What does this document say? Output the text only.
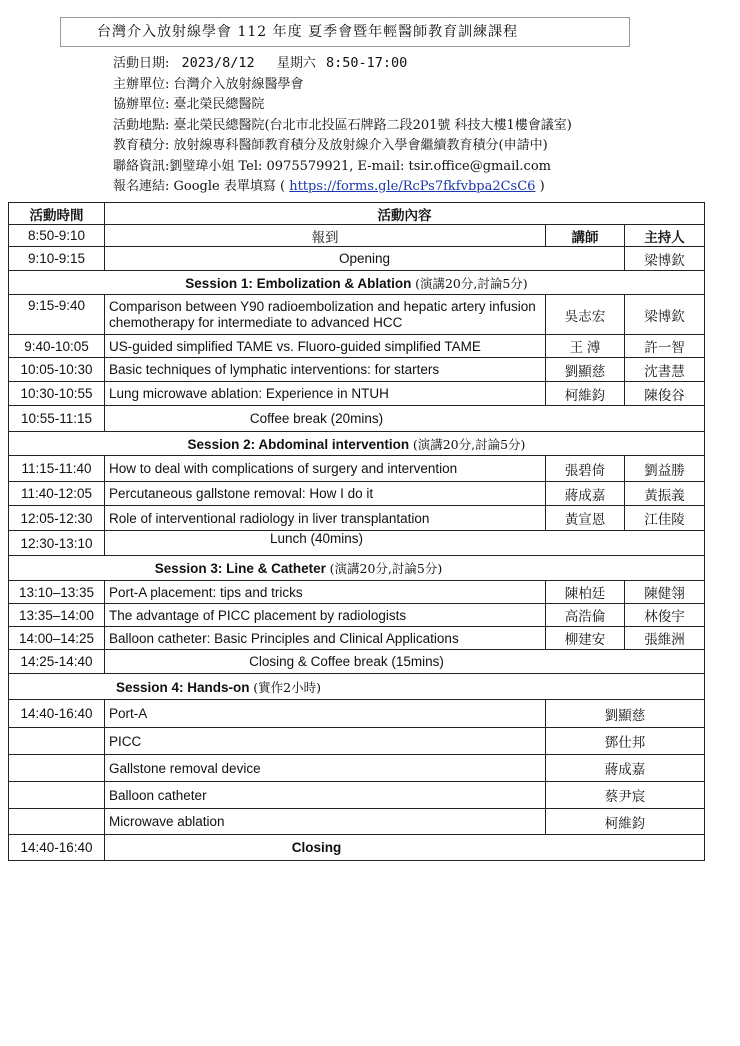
台灣介入放射線學會 112 年度 夏季會暨年輕醫師教育訓練課程
活動日期: 2023/8/12 星期六 8:50-17:00
主辦單位: 台灣介入放射線醫學會
協辦單位: 臺北榮民總醫院
活動地點: 臺北榮民總醫院(台北市北投區石牌路二段201號 科技大樓1樓會議室)
教育積分: 放射線專科醫師教育積分及放射線介入學會繼續教育積分(申請中)
聯絡資訊:劉璧瑋小姐 Tel: 0975579921, E-mail: tsir.office@gmail.com
報名連結: Google 表單填寫 ( https://forms.gle/RcPs7fkfvbpa2CsC6 )
活動時間	活動內容		
8:50-9:10	報到	講師	主持人
9:10-9:15	Opening		梁博欽
Session 1: Embolization & Ablation (演講20分,討論5分)			
9:15-9:40	Comparison between Y90 radioembolization and hepatic artery infusion chemotherapy for intermediate to advanced HCC	吳志宏	梁博欽
9:40-10:05	US-guided simplified TAME vs. Fluoro-guided simplified TAME	王 溥	許一智
10:05-10:30	Basic techniques of lymphatic interventions: for starters	劉顯慈	沈書慧
10:30-10:55	Lung microwave ablation: Experience in NTUH	柯維鈞	陳俊谷
10:55-11:15	Coffee break (20mins)		
Session 2: Abdominal intervention (演講20分,討論5分)			
11:15-11:40	How to deal with complications of surgery and intervention	張碧倚	劉益勝
11:40-12:05	Percutaneous gallstone removal: How I do it	蔣成嘉	黃振義
12:05-12:30	Role of interventional radiology in liver transplantation	黃宣恩	江佳陵
12:30-13:10	Lunch (40mins)		
Session 3: Line & Catheter (演講20分,討論5分)			
13:10–13:35	Port-A placement: tips and tricks	陳柏廷	陳健翎
13:35–14:00	The advantage of PICC placement by radiologists	高浩倫	林俊宇
14:00–14:25	Balloon catheter: Basic Principles and Clinical Applications	柳建安	張維洲
14:25-14:40	Closing & Coffee break (15mins)		
Session 4: Hands-on (實作2小時)			
14:40-16:40	Port-A	劉顯慈	
	PICC	鄧仕邦	
	Gallstone removal device	蔣成嘉	
	Balloon catheter	蔡尹宸	
	Microwave ablation	柯維鈞	
14:40-16:40	Closing		
